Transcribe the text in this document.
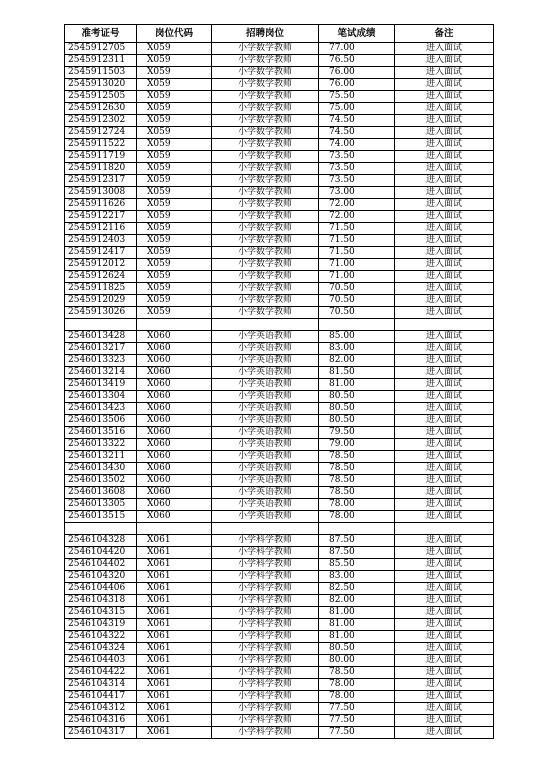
准考证号	岗位代码	招聘岗位	笔试成绩	备注
2545912705	X059	小学数学教师	77.00	进入面试
2545912311	X059	小学数学教师	76.50	进入面试
2545911503	X059	小学数学教师	76.00	进入面试
2545913020	X059	小学数学教师	76.00	进入面试
2545912505	X059	小学数学教师	75.50	进入面试
2545912630	X059	小学数学教师	75.00	进入面试
2545912302	X059	小学数学教师	74.50	进入面试
2545912724	X059	小学数学教师	74.50	进入面试
2545911522	X059	小学数学教师	74.00	进入面试
2545911719	X059	小学数学教师	73.50	进入面试
2545911820	X059	小学数学教师	73.50	进入面试
2545912317	X059	小学数学教师	73.50	进入面试
2545913008	X059	小学数学教师	73.00	进入面试
2545911626	X059	小学数学教师	72.00	进入面试
2545912217	X059	小学数学教师	72.00	进入面试
2545912116	X059	小学数学教师	71.50	进入面试
2545912403	X059	小学数学教师	71.50	进入面试
2545912417	X059	小学数学教师	71.50	进入面试
2545912012	X059	小学数学教师	71.00	进入面试
2545912624	X059	小学数学教师	71.00	进入面试
2545911825	X059	小学数学教师	70.50	进入面试
2545912029	X059	小学数学教师	70.50	进入面试
2545913026	X059	小学数学教师	70.50	进入面试

2546013428	X060	小学英语教师	85.00	进入面试
2546013217	X060	小学英语教师	83.00	进入面试
2546013323	X060	小学英语教师	82.00	进入面试
2546013214	X060	小学英语教师	81.50	进入面试
2546013419	X060	小学英语教师	81.00	进入面试
2546013304	X060	小学英语教师	80.50	进入面试
2546013423	X060	小学英语教师	80.50	进入面试
2546013506	X060	小学英语教师	80.50	进入面试
2546013516	X060	小学英语教师	79.50	进入面试
2546013322	X060	小学英语教师	79.00	进入面试
2546013211	X060	小学英语教师	78.50	进入面试
2546013430	X060	小学英语教师	78.50	进入面试
2546013502	X060	小学英语教师	78.50	进入面试
2546013608	X060	小学英语教师	78.50	进入面试
2546013305	X060	小学英语教师	78.00	进入面试
2546013515	X060	小学英语教师	78.00	进入面试

2546104328	X061	小学科学教师	87.50	进入面试
2546104420	X061	小学科学教师	87.50	进入面试
2546104402	X061	小学科学教师	85.50	进入面试
2546104320	X061	小学科学教师	83.00	进入面试
2546104406	X061	小学科学教师	82.50	进入面试
2546104318	X061	小学科学教师	82.00	进入面试
2546104315	X061	小学科学教师	81.00	进入面试
2546104319	X061	小学科学教师	81.00	进入面试
2546104322	X061	小学科学教师	81.00	进入面试
2546104324	X061	小学科学教师	80.50	进入面试
2546104403	X061	小学科学教师	80.00	进入面试
2546104422	X061	小学科学教师	78.50	进入面试
2546104314	X061	小学科学教师	78.00	进入面试
2546104417	X061	小学科学教师	78.00	进入面试
2546104312	X061	小学科学教师	77.50	进入面试
2546104316	X061	小学科学教师	77.50	进入面试
2546104317	X061	小学科学教师	77.50	进入面试
